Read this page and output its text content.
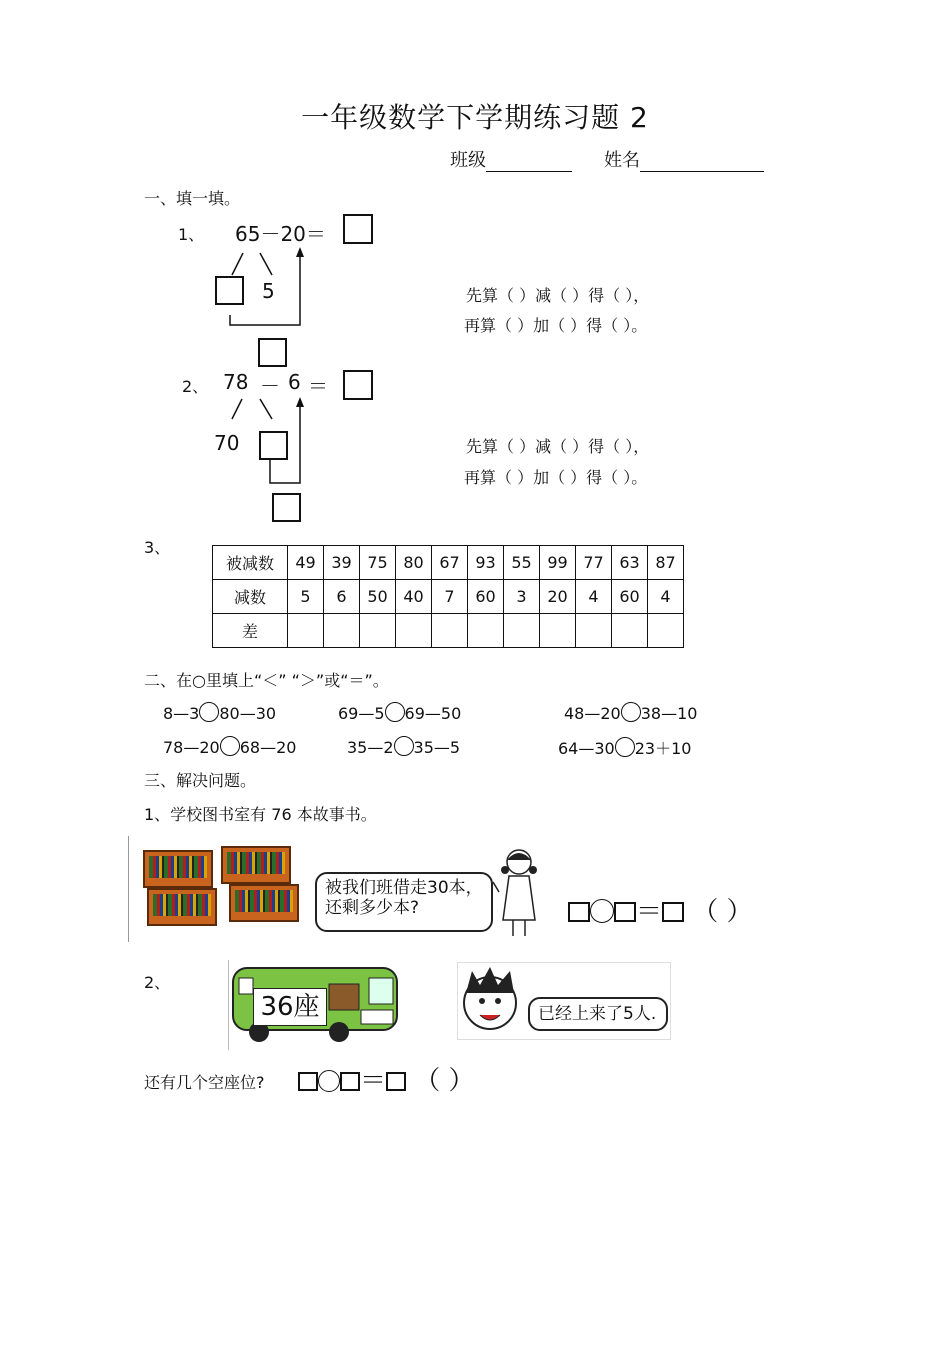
一年级数学下学期练习题 2
班级	姓名
一、填一填。
1、 65－20＝
5	先算（ ）减（ ）得（ ），
再算（ ）加（ ）得（ ）。
2、 78 － 6 ＝
70	先算（ ）减（ ）得（ ），
再算（ ）加（ ）得（ ）。
3、
被减数	49	39	75	80	67	93	55	99	77	63	87
减数	5	6	50	40	7	60	3	20	4	60	4
差											
二、在○里填上“＜” “＞”或“＝”。
8—3 80—30	69—5 69—50	48—20 38—10
78—20 68—20	35—2 35—5	64—30 23＋10
三、解决问题。
1、学校图书室有 76 本故事书。
被我们班借走30本，还剩多少本?	＝ （ ）
2、
36座	已经上来了5人.
还有几个空座位?	＝ （ ）
